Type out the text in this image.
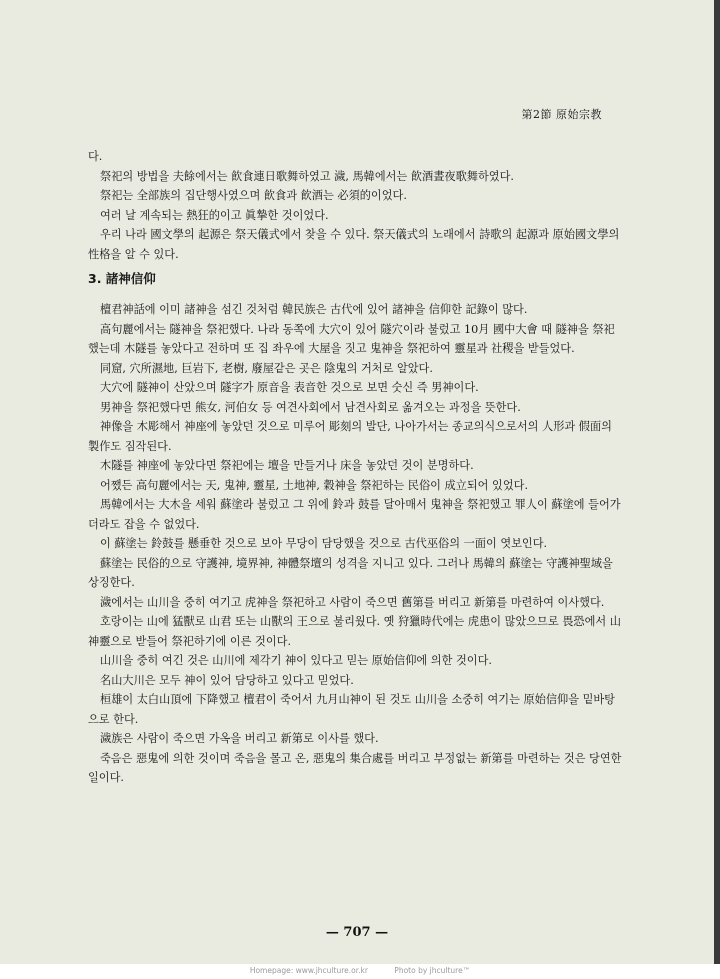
第2節 原始宗教

다.

祭祀의 방법을 夫餘에서는 飮食連日歌舞하였고 濊, 馬韓에서는 飮酒晝夜歌舞하였다.

祭祀는 全部族의 집단행사였으며 飮食과 飮酒는 必須的이었다.

여러 날 계속되는 熱狂的이고 眞摯한 것이었다.

우리 나라 國文學의 起源은 祭天儀式에서 찾을 수 있다. 祭天儀式의 노래에서 詩歌의 起源과 原始國文學의 性格을 알 수 있다.

3. 諸神信仰

檀君神話에 이미 諸神을 섬긴 것처럼 韓民族은 古代에 있어 諸神을 信仰한 記錄이 많다.

高句麗에서는 隧神을 祭祀했다. 나라 동쪽에 大穴이 있어 隧穴이라 불렀고 10月 國中大會 때 隧神을 祭祀했는데 木隧를 놓았다고 전하며 또 집 좌우에 大屋을 짓고 鬼神을 祭祀하여 靈星과 社稷을 받들었다.

同窟, 穴所濕地, 巨岩下, 老樹, 廢屋같은 곳은 陰鬼의 거처로 알았다.

大穴에 隧神이 산았으며 隧字가 原音을 表音한 것으로 보면 숫신 즉 男神이다.

男神을 祭祀했다면 熊女, 河伯女 등 여견사회에서 남견사회로 옮겨오는 과정을 뜻한다.

神像을 木彫해서 神座에 놓았던 것으로 미루어 彫刻의 발단, 나아가서는 종교의식으로서의 人形과 假面의 製作도 짐작된다.

木隧를 神座에 놓았다면 祭祀에는 壇을 만들거나 床을 놓았던 것이 분명하다.

어쨌든 高句麗에서는 天, 鬼神, 靈星, 土地神, 穀神을 祭祀하는 民俗이 成立되어 있었다.

馬韓에서는 大木을 세워 蘇塗라 불렀고 그 위에 鈴과 鼓를 달아매서 鬼神을 祭祀했고 罪人이 蘇塗에 들어가더라도 잡을 수 없었다.

이 蘇塗는 鈴鼓를 懸垂한 것으로 보아 무당이 담당했을 것으로 古代巫俗의 一面이 엿보인다.

蘇塗는 民俗的으로 守護神, 境界神, 神體祭壇의 성격을 지니고 있다. 그러나 馬韓의 蘇塗는 守護神聖域을 상징한다.

濊에서는 山川을 중히 여기고 虎神을 祭祀하고 사람이 죽으면 舊第를 버리고 新第를 마련하여 이사했다.

호랑이는 山에 猛獸로 山君 또는 山獸의 王으로 불리웠다. 옛 狩獵時代에는 虎患이 많았으므로 畏恐에서 山神靈으로 받들어 祭祀하기에 이른 것이다.

山川을 중히 여긴 것은 山川에 제각기 神이 있다고 믿는 原始信仰에 의한 것이다.

名山大川은 모두 神이 있어 담당하고 있다고 믿었다.

桓雄이 太白山頂에 下降했고 檀君이 죽어서 九月山神이 된 것도 山川을 소중히 여기는 原始信仰을 밑바탕으로 한다.

濊族은 사람이 죽으면 가옥을 버리고 新第로 이사를 했다.

죽음은 惡鬼에 의한 것이며 죽음을 몰고 온, 惡鬼의 集合處를 버리고 부정없는 新第를 마련하는 것은 당연한 일이다.

— 707 —
Homepage: www.jhculture.or.kr	Photo by jhculture™
